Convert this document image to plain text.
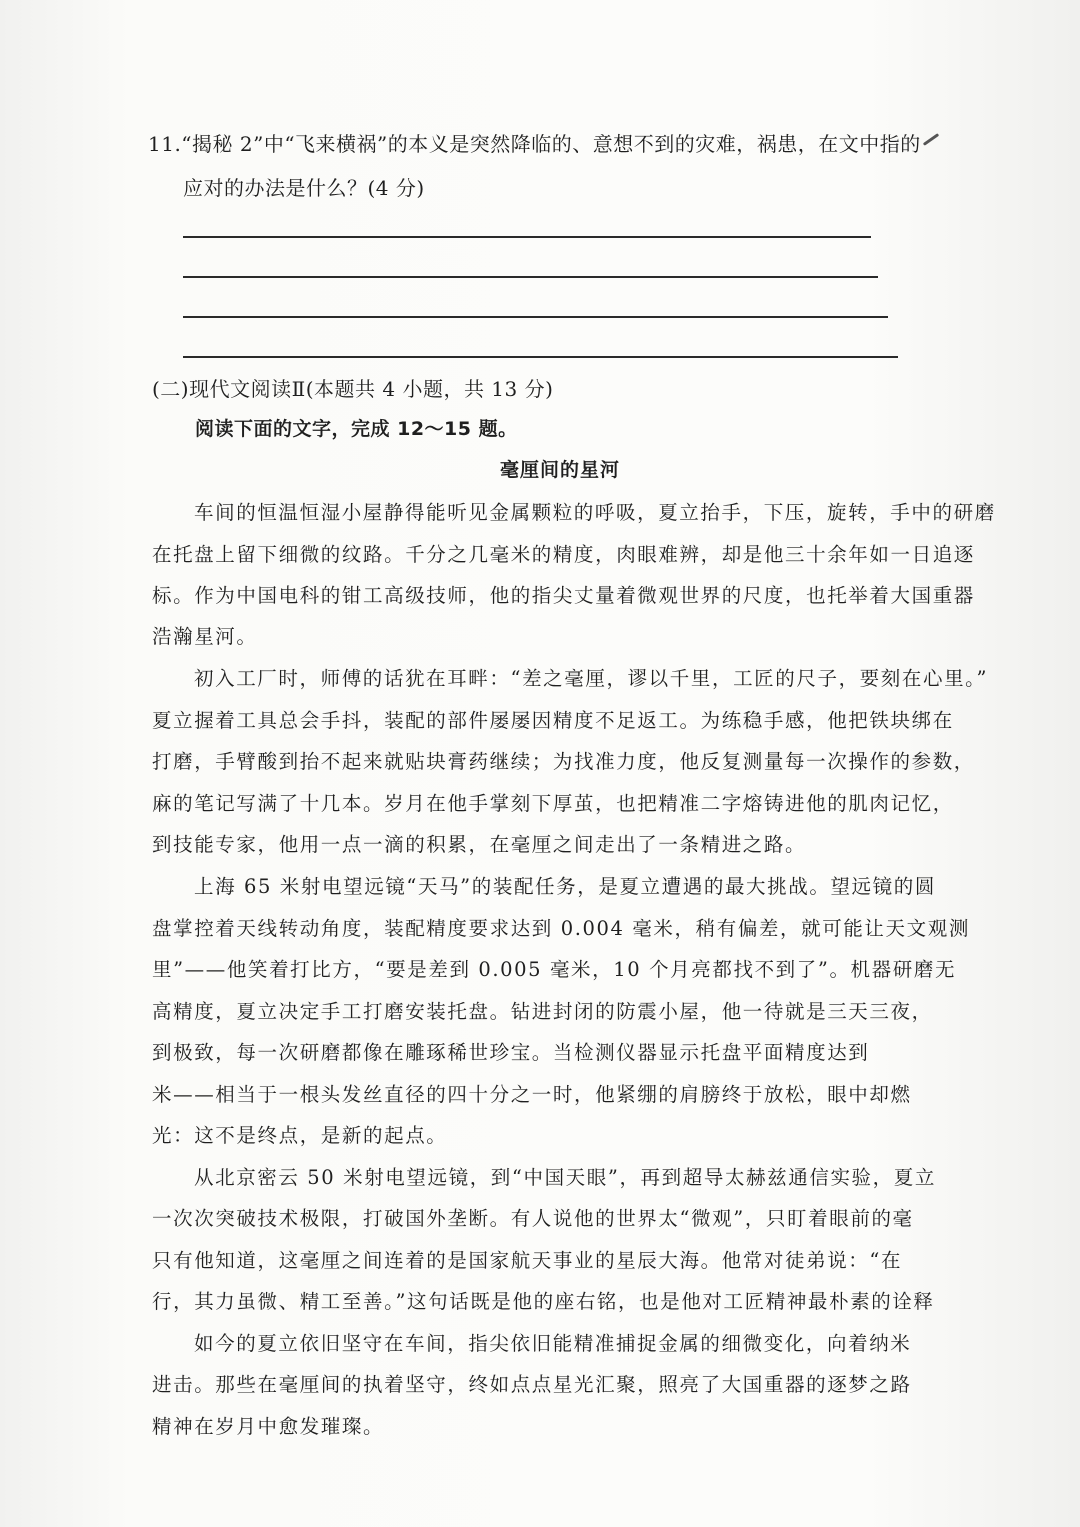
11.“揭秘 2”中“飞来横祸”的本义是突然降临的、意想不到的灾难，祸患，在文中指的
应对的办法是什么？(4 分)
(二)现代文阅读Ⅱ(本题共 4 小题，共 13 分)
阅读下面的文字，完成 12～15 题。
毫厘间的星河
车间的恒温恒湿小屋静得能听见金属颗粒的呼吸，夏立抬手，下压，旋转，手中的研磨
在托盘上留下细微的纹路。千分之几毫米的精度，肉眼难辨，却是他三十余年如一日追逐
标。作为中国电科的钳工高级技师，他的指尖丈量着微观世界的尺度，也托举着大国重器
浩瀚星河。
初入工厂时，师傅的话犹在耳畔：“差之毫厘，谬以千里，工匠的尺子，要刻在心里。”
夏立握着工具总会手抖，装配的部件屡屡因精度不足返工。为练稳手感，他把铁块绑在
打磨，手臂酸到抬不起来就贴块膏药继续；为找准力度，他反复测量每一次操作的参数，
麻的笔记写满了十几本。岁月在他手掌刻下厚茧，也把精准二字熔铸进他的肌肉记忆，
到技能专家，他用一点一滴的积累，在毫厘之间走出了一条精进之路。
上海 65 米射电望远镜“天马”的装配任务，是夏立遭遇的最大挑战。望远镜的圆
盘掌控着天线转动角度，装配精度要求达到 0.004 毫米，稍有偏差，就可能让天文观测
里”——他笑着打比方，“要是差到 0.005 毫米，10 个月亮都找不到了”。机器研磨无
高精度，夏立决定手工打磨安装托盘。钻进封闭的防震小屋，他一待就是三天三夜，
到极致，每一次研磨都像在雕琢稀世珍宝。当检测仪器显示托盘平面精度达到
米——相当于一根头发丝直径的四十分之一时，他紧绷的肩膀终于放松，眼中却燃
光：这不是终点，是新的起点。
从北京密云 50 米射电望远镜，到“中国天眼”，再到超导太赫兹通信实验，夏立
一次次突破技术极限，打破国外垄断。有人说他的世界太“微观”，只盯着眼前的毫
只有他知道，这毫厘之间连着的是国家航天事业的星辰大海。他常对徒弟说：“在
行，其力虽微、精工至善。”这句话既是他的座右铭，也是他对工匠精神最朴素的诠释
如今的夏立依旧坚守在车间，指尖依旧能精准捕捉金属的细微变化，向着纳米
进击。那些在毫厘间的执着坚守，终如点点星光汇聚，照亮了大国重器的逐梦之路
精神在岁月中愈发璀璨。
